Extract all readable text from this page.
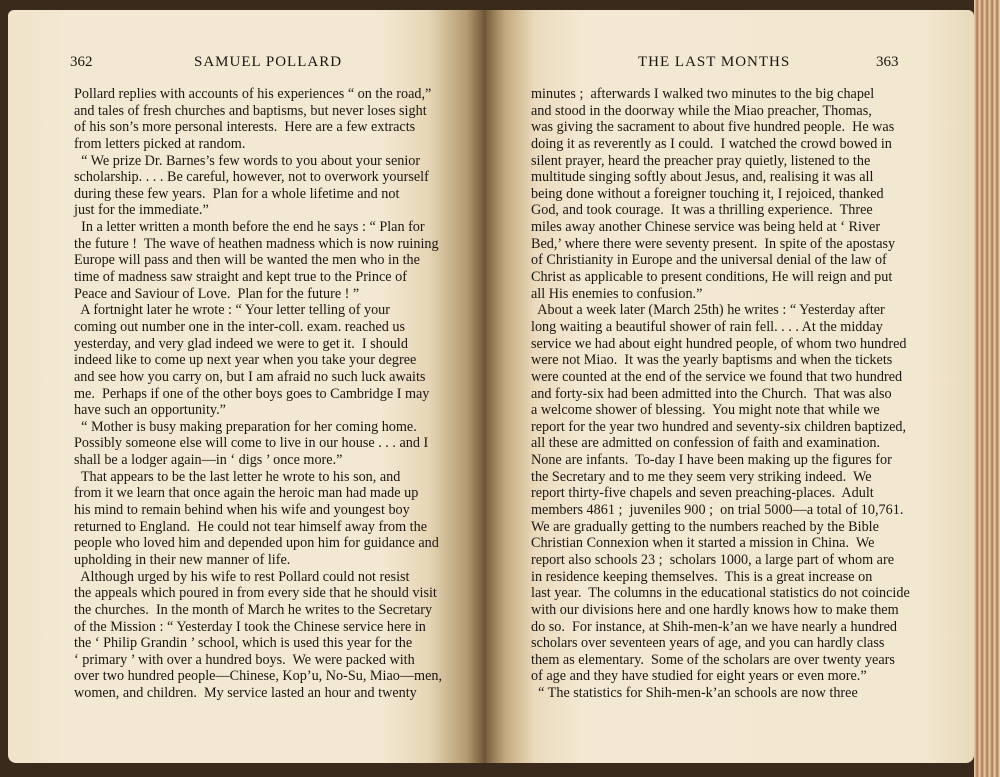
362	SAMUEL POLLARD
Pollard replies with accounts of his experiences “ on the road,”
and tales of fresh churches and baptisms, but never loses sight
of his son’s more personal interests.  Here are a few extracts
from letters picked at random.
“ We prize Dr. Barnes’s few words to you about your senior
scholarship. . . . Be careful, however, not to overwork yourself
during these few years.  Plan for a whole lifetime and not
just for the immediate.”
In a letter written a month before the end he says : “ Plan for
the future !  The wave of heathen madness which is now ruining
Europe will pass and then will be wanted the men who in the
time of madness saw straight and kept true to the Prince of
Peace and Saviour of Love.  Plan for the future ! ”
A fortnight later he wrote : “ Your letter telling of your
coming out number one in the inter-coll. exam. reached us
yesterday, and very glad indeed we were to get it.  I should
indeed like to come up next year when you take your degree
and see how you carry on, but I am afraid no such luck awaits
me.  Perhaps if one of the other boys goes to Cambridge I may
have such an opportunity.”
“ Mother is busy making preparation for her coming home.
Possibly someone else will come to live in our house . . . and I
shall be a lodger again—in ‘ digs ’ once more.”
That appears to be the last letter he wrote to his son, and
from it we learn that once again the heroic man had made up
his mind to remain behind when his wife and youngest boy
returned to England.  He could not tear himself away from the
people who loved him and depended upon him for guidance and
upholding in their new manner of life.
Although urged by his wife to rest Pollard could not resist
the appeals which poured in from every side that he should visit
the churches.  In the month of March he writes to the Secretary
of the Mission : “ Yesterday I took the Chinese service here in
the ‘ Philip Grandin ’ school, which is used this year for the
‘ primary ’ with over a hundred boys.  We were packed with
over two hundred people—Chinese, Kop’u, No-Su, Miao—men,
women, and children.  My service lasted an hour and twenty
THE LAST MONTHS	363
minutes ;  afterwards I walked two minutes to the big chapel
and stood in the doorway while the Miao preacher, Thomas,
was giving the sacrament to about five hundred people.  He was
doing it as reverently as I could.  I watched the crowd bowed in
silent prayer, heard the preacher pray quietly, listened to the
multitude singing softly about Jesus, and, realising it was all
being done without a foreigner touching it, I rejoiced, thanked
God, and took courage.  It was a thrilling experience.  Three
miles away another Chinese service was being held at ‘ River
Bed,’ where there were seventy present.  In spite of the apostasy
of Christianity in Europe and the universal denial of the law of
Christ as applicable to present conditions, He will reign and put
all His enemies to confusion.”
About a week later (March 25th) he writes : “ Yesterday after
long waiting a beautiful shower of rain fell. . . . At the midday
service we had about eight hundred people, of whom two hundred
were not Miao.  It was the yearly baptisms and when the tickets
were counted at the end of the service we found that two hundred
and forty-six had been admitted into the Church.  That was also
a welcome shower of blessing.  You might note that while we
report for the year two hundred and seventy-six children baptized,
all these are admitted on confession of faith and examination.
None are infants.  To-day I have been making up the figures for
the Secretary and to me they seem very striking indeed.  We
report thirty-five chapels and seven preaching-places.  Adult
members 4861 ;  juveniles 900 ;  on trial 5000—a total of 10,761.
We are gradually getting to the numbers reached by the Bible
Christian Connexion when it started a mission in China.  We
report also schools 23 ;  scholars 1000, a large part of whom are
in residence keeping themselves.  This is a great increase on
last year.  The columns in the educational statistics do not coincide
with our divisions here and one hardly knows how to make them
do so.  For instance, at Shih-men-k’an we have nearly a hundred
scholars over seventeen years of age, and you can hardly class
them as elementary.  Some of the scholars are over twenty years
of age and they have studied for eight years or even more.”
“ The statistics for Shih-men-k’an schools are now three
